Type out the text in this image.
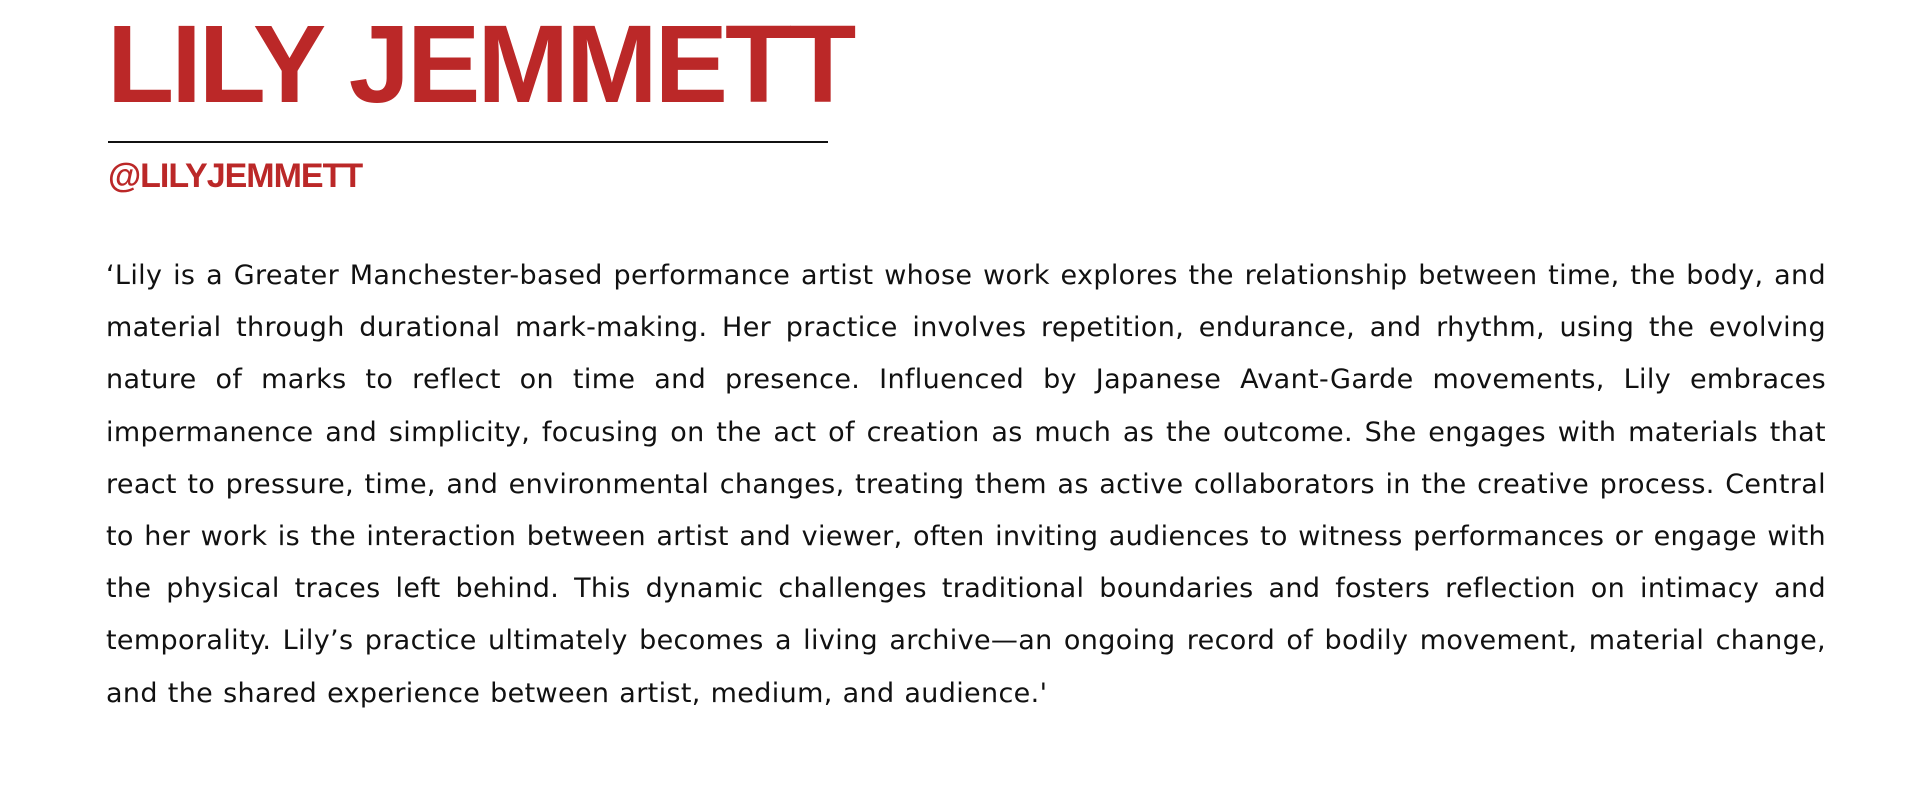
LILY JEMMETT
@LILYJEMMETT

‘Lily is a Greater Manchester-based performance artist whose work explores the relationship between time, the body, and material through durational mark-making. Her practice involves repetition, endurance, and rhythm, using the evolving nature of marks to reflect on time and presence. Influenced by Japanese Avant-Garde movements, Lily embraces impermanence and simplicity, focusing on the act of creation as much as the outcome. She engages with materials that react to pressure, time, and environmental changes, treating them as active collaborators in the creative process. Central to her work is the interaction between artist and viewer, often inviting audiences to witness performances or engage with the physical traces left behind. This dynamic challenges traditional boundaries and fosters reflection on intimacy and temporality. Lily’s practice ultimately becomes a living archive—an ongoing record of bodily movement, material change, and the shared experience between artist, medium, and audience.'
